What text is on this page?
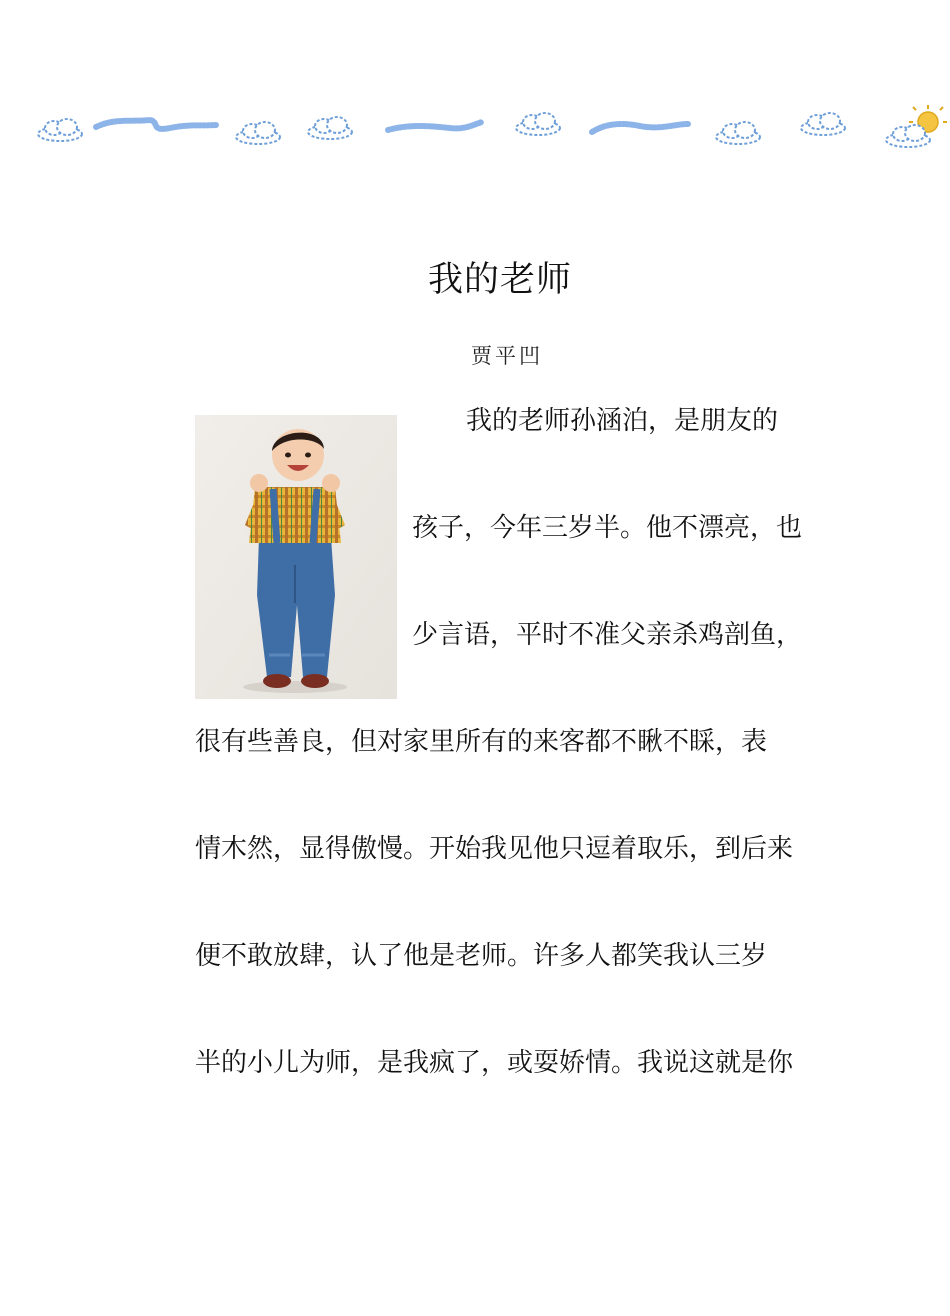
我的老师
贾平凹
我的老师孙涵泊，是朋友的
孩子，今年三岁半。他不漂亮，也
少言语，平时不准父亲杀鸡剖鱼，
很有些善良，但对家里所有的来客都不瞅不睬，表
情木然，显得傲慢。开始我见他只逗着取乐，到后来
便不敢放肆，认了他是老师。许多人都笑我认三岁
半的小儿为师，是我疯了，或耍娇情。我说这就是你
